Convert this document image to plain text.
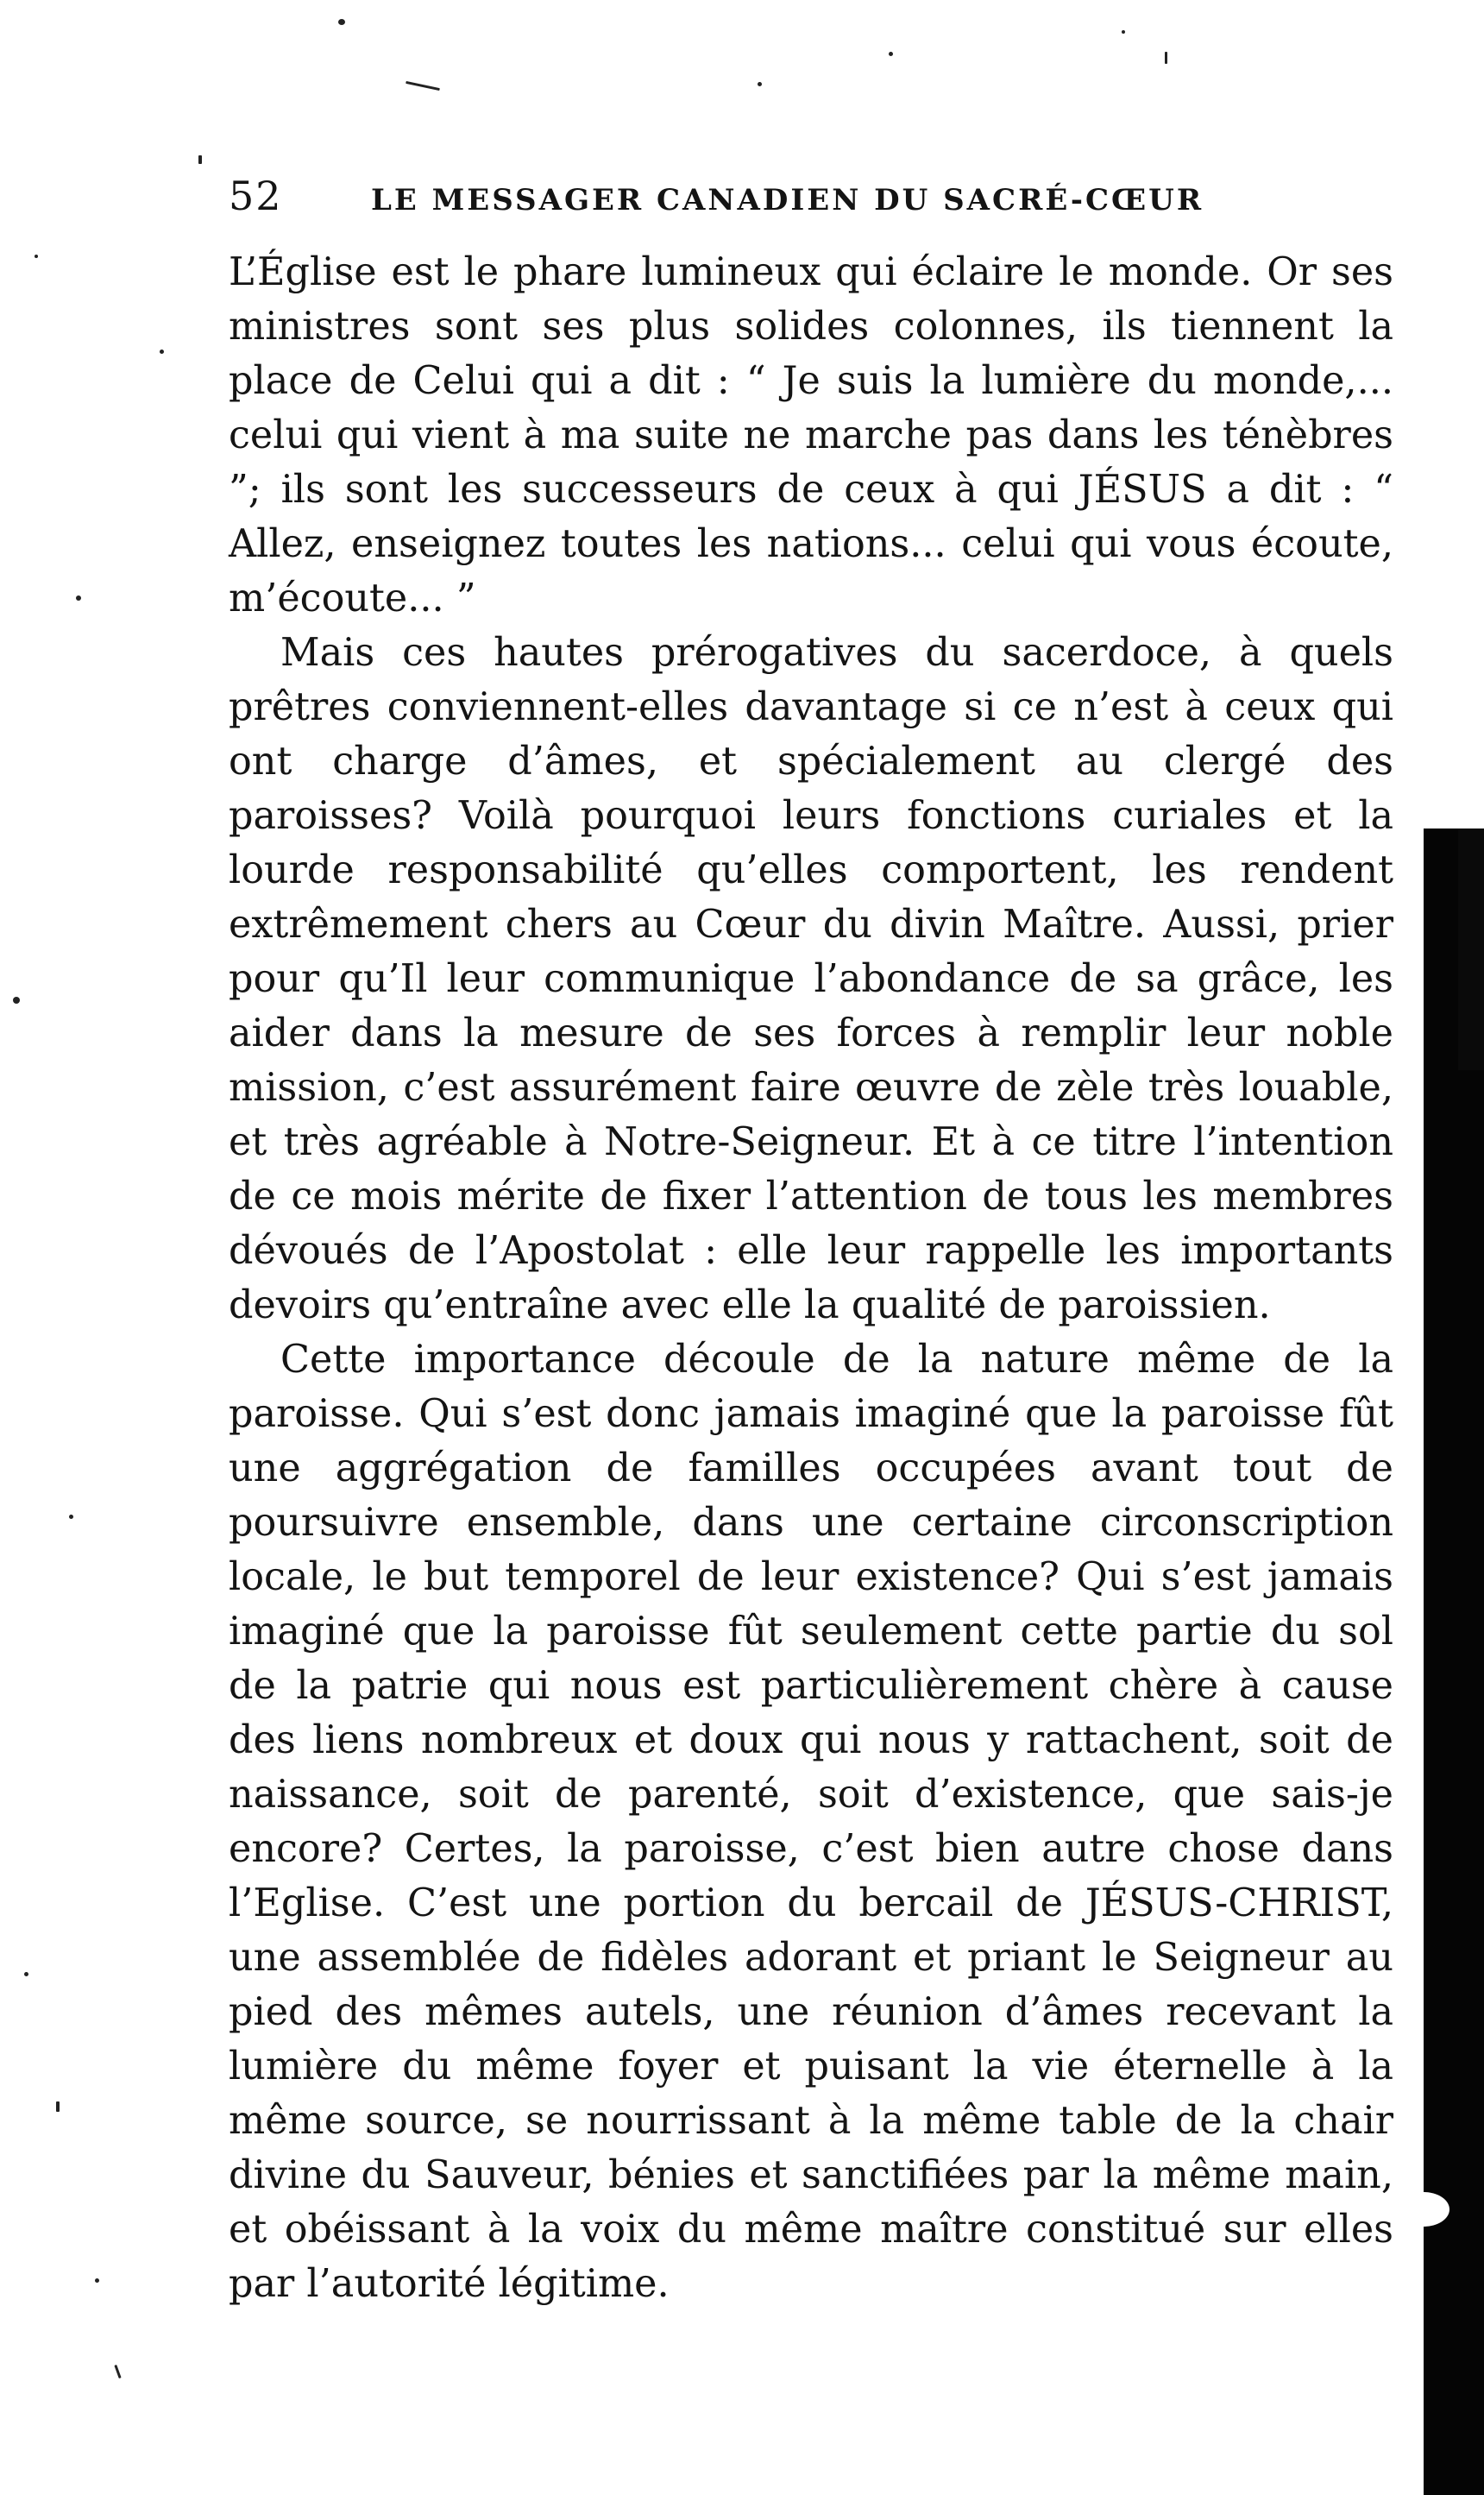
52	LE MESSAGER CANADIEN DU SACRÉ-CŒUR

L’Église est le phare lumineux qui éclaire le monde. Or ses ministres sont ses plus solides colonnes, ils tiennent la place de Celui qui a dit : “ Je suis la lumière du monde,... celui qui vient à ma suite ne marche pas dans les ténèbres ”; ils sont les successeurs de ceux à qui JÉSUS a dit : “ Allez, enseignez toutes les nations... celui qui vous écoute, m’écoute... ”

Mais ces hautes prérogatives du sacerdoce, à quels prêtres conviennent-elles davantage si ce n’est à ceux qui ont charge d’âmes, et spécialement au clergé des paroisses? Voilà pourquoi leurs fonctions curiales et la lourde responsabilité qu’elles comportent, les rendent extrêmement chers au Cœur du divin Maître. Aussi, prier pour qu’Il leur communique l’abondance de sa grâce, les aider dans la mesure de ses forces à remplir leur noble mission, c’est assurément faire œuvre de zèle très louable, et très agréable à Notre-Seigneur. Et à ce titre l’intention de ce mois mérite de fixer l’attention de tous les membres dévoués de l’Apostolat : elle leur rappelle les importants devoirs qu’entraîne avec elle la qualité de paroissien.

Cette importance découle de la nature même de la paroisse. Qui s’est donc jamais imaginé que la paroisse fût une aggrégation de familles occupées avant tout de poursuivre ensemble, dans une certaine circonscription locale, le but temporel de leur existence? Qui s’est jamais imaginé que la paroisse fût seulement cette partie du sol de la patrie qui nous est particulièrement chère à cause des liens nombreux et doux qui nous y rattachent, soit de naissance, soit de parenté, soit d’existence, que sais-je encore? Certes, la paroisse, c’est bien autre chose dans l’Eglise. C’est une portion du bercail de JÉSUS-CHRIST, une assemblée de fidèles adorant et priant le Seigneur au pied des mêmes autels, une réunion d’âmes recevant la lumière du même foyer et puisant la vie éternelle à la même source, se nourrissant à la même table de la chair divine du Sauveur, bénies et sanctifiées par la même main, et obéissant à la voix du même maître constitué sur elles par l’autorité légitime.
